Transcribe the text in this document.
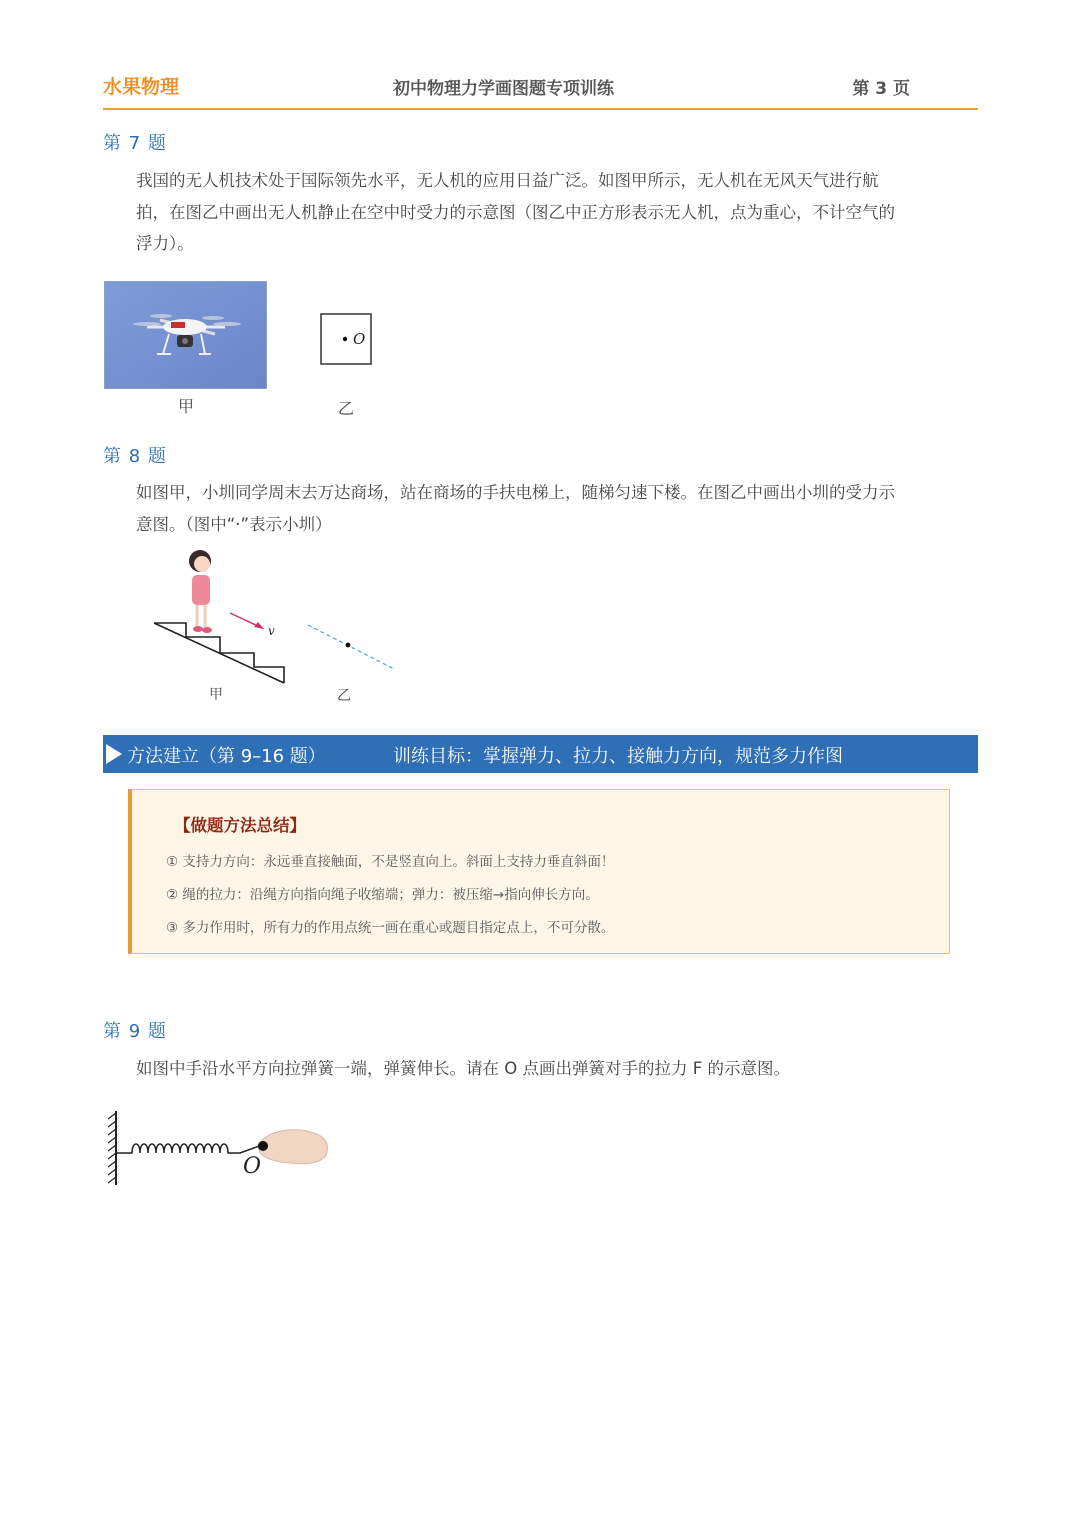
水果物理	初中物理力学画图题专项训练	第 3 页
第 7 题
我国的无人机技术处于国际领先水平，无人机的应用日益广泛。如图甲所示，无人机在无风天气进行航
拍，在图乙中画出无人机静止在空中时受力的示意图（图乙中正方形表示无人机，点为重心，不计空气的
浮力）。
甲
O
乙
第 8 题
如图甲，小圳同学周末去万达商场，站在商场的手扶电梯上，随梯匀速下楼。在图乙中画出小圳的受力示
意图。（图中“·”表示小圳）
v
甲	乙
方法建立（第 9–16 题）	训练目标：掌握弹力、拉力、接触力方向，规范多力作图
【做题方法总结】
① 支持力方向：永远垂直接触面，不是竖直向上。斜面上支持力垂直斜面！
② 绳的拉力：沿绳方向指向绳子收缩端；弹力：被压缩→指向伸长方向。
③ 多力作用时，所有力的作用点统一画在重心或题目指定点上，不可分散。
第 9 题
如图中手沿水平方向拉弹簧一端，弹簧伸长。请在 O 点画出弹簧对手的拉力 F 的示意图。
O
